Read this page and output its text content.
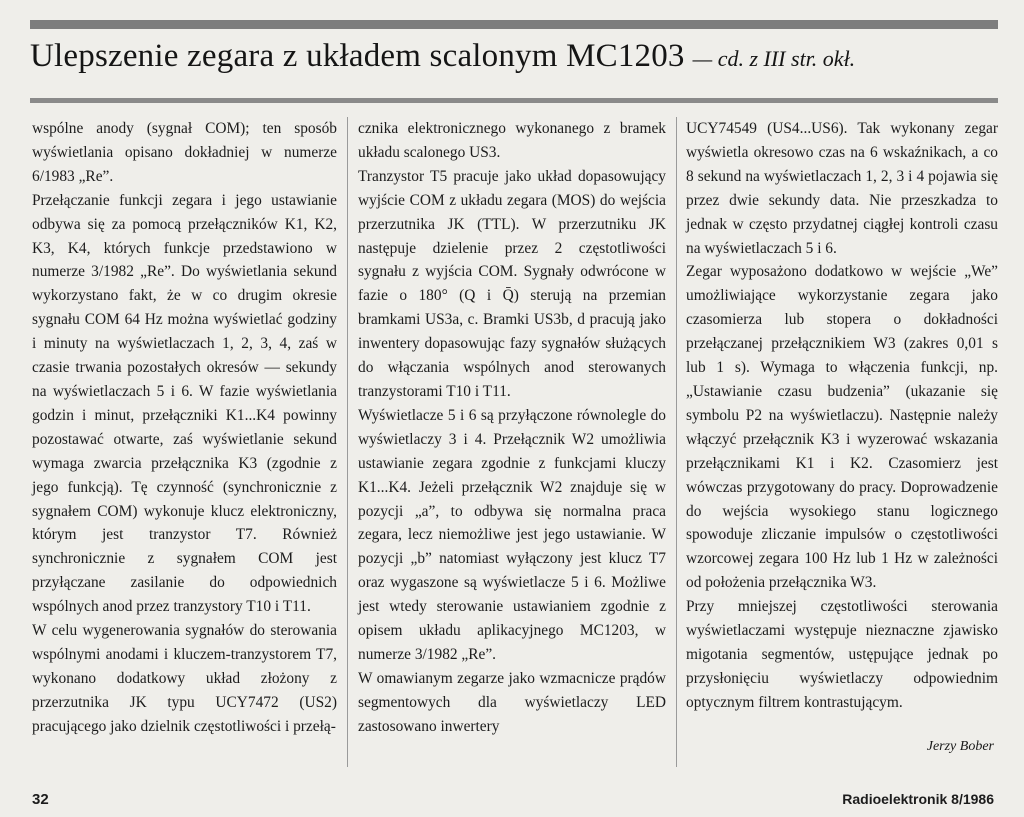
Ulepszenie zegara z układem scalonym MC1203 — cd. z III str. okł.

wspólne anody (sygnał COM); ten sposób wyświetlania opisano dokładniej w numerze 6/1983 „Re”.

Przełączanie funkcji zegara i jego ustawianie odbywa się za pomocą przełączników K1, K2, K3, K4, których funkcje przedstawiono w numerze 3/1982 „Re”. Do wyświetlania sekund wykorzystano fakt, że w co drugim okresie sygnału COM 64 Hz można wyświetlać godziny i minuty na wyświetlaczach 1, 2, 3, 4, zaś w czasie trwania pozostałych okresów — sekundy na wyświetlaczach 5 i 6. W fazie wyświetlania godzin i minut, przełączniki K1...K4 powinny pozostawać otwarte, zaś wyświetlanie sekund wymaga zwarcia przełącznika K3 (zgodnie z jego funkcją). Tę czynność (synchronicznie z sygnałem COM) wykonuje klucz elektroniczny, którym jest tranzystor T7. Również synchronicznie z sygnałem COM jest przyłączane zasilanie do odpowiednich wspólnych anod przez tranzystory T10 i T11.

W celu wygenerowania sygnałów do sterowania wspólnymi anodami i kluczem-tranzystorem T7, wykonano dodatkowy układ złożony z przerzutnika JK typu UCY7472 (US2) pracującego jako dzielnik częstotliwości i przełą-

cznika elektronicznego wykonanego z bramek układu scalonego US3.

Tranzystor T5 pracuje jako układ dopasowujący wyjście COM z układu zegara (MOS) do wejścia przerzutnika JK (TTL). W przerzutniku JK następuje dzielenie przez 2 częstotliwości sygnału z wyjścia COM. Sygnały odwrócone w fazie o 180° (Q i Q̄) sterują na przemian bramkami US3a, c. Bramki US3b, d pracują jako inwentery dopasowując fazy sygnałów służących do włączania wspólnych anod sterowanych tranzystorami T10 i T11.

Wyświetlacze 5 i 6 są przyłączone równolegle do wyświetlaczy 3 i 4. Przełącznik W2 umożliwia ustawianie zegara zgodnie z funkcjami kluczy K1...K4. Jeżeli przełącznik W2 znajduje się w pozycji „a”, to odbywa się normalna praca zegara, lecz niemożliwe jest jego ustawianie. W pozycji „b” natomiast wyłączony jest klucz T7 oraz wygaszone są wyświetlacze 5 i 6. Możliwe jest wtedy sterowanie ustawianiem zgodnie z opisem układu aplikacyjnego MC1203, w numerze 3/1982 „Re”.

W omawianym zegarze jako wzmacnicze prądów segmentowych dla wyświetlaczy LED zastosowano inwertery

UCY74549 (US4...US6). Tak wykonany zegar wyświetla okresowo czas na 6 wskaźnikach, a co 8 sekund na wyświetlaczach 1, 2, 3 i 4 pojawia się przez dwie sekundy data. Nie przeszkadza to jednak w często przydatnej ciągłej kontroli czasu na wyświetlaczach 5 i 6.

Zegar wyposażono dodatkowo w wejście „We” umożliwiające wykorzystanie zegara jako czasomierza lub stopera o dokładności przełączanej przełącznikiem W3 (zakres 0,01 s lub 1 s). Wymaga to włączenia funkcji, np. „Ustawianie czasu budzenia” (ukazanie się symbolu P2 na wyświetlaczu). Następnie należy włączyć przełącznik K3 i wyzerować wskazania przełącznikami K1 i K2. Czasomierz jest wówczas przygotowany do pracy. Doprowadzenie do wejścia wysokiego stanu logicznego spowoduje zliczanie impulsów o częstotliwości wzorcowej zegara 100 Hz lub 1 Hz w zależności od położenia przełącznika W3.

Przy mniejszej częstotliwości sterowania wyświetlaczami występuje nieznaczne zjawisko migotania segmentów, ustępujące jednak po przysłonięciu wyświetlaczy odpowiednim optycznym filtrem kontrastującym.

Jerzy Bober
32	Radioelektronik 8/1986
